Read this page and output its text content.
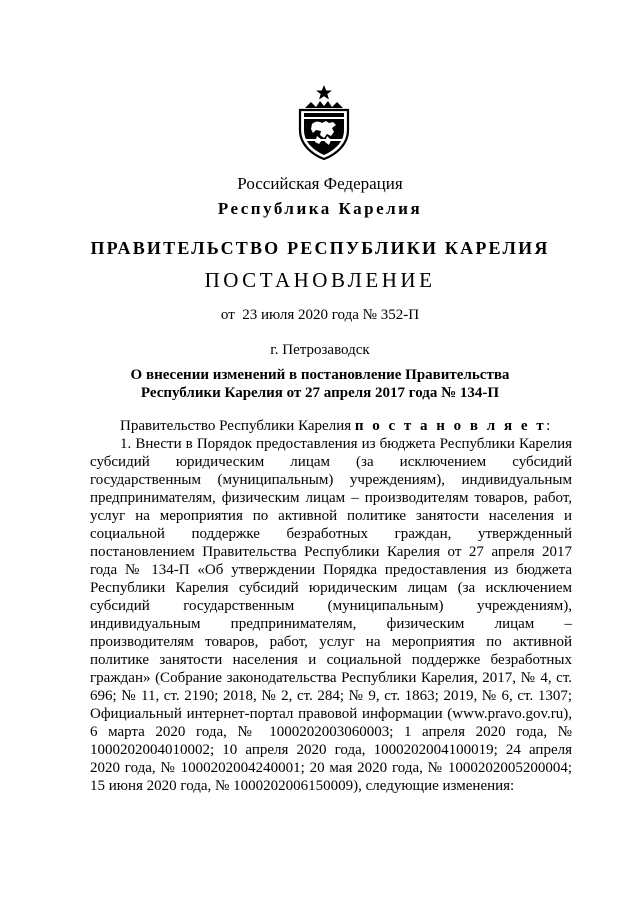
Российская Федерация
Республика Карелия
ПРАВИТЕЛЬСТВО РЕСПУБЛИКИ КАРЕЛИЯ
ПОСТАНОВЛЕНИЕ
от  23 июля 2020 года № 352-П
г. Петрозаводск
О внесении изменений в постановление Правительства
Республики Карелия от 27 апреля 2017 года № 134-П

Правительство Республики Карелия п о с т а н о в л я е т:

1. Внести в Порядок предоставления из бюджета Республики Карелия субсидий юридическим лицам (за исключением субсидий государственным (муниципальным) учреждениям), индивидуальным предпринимателям, физическим лицам – производителям товаров, работ, услуг на мероприятия по активной политике занятости населения и социальной поддержке безработных граждан, утвержденный постановлением Правительства Республики Карелия от 27 апреля 2017 года № 134-П «Об утверждении Порядка предоставления из бюджета Республики Карелия субсидий юридическим лицам (за исключением субсидий государственным (муниципальным) учреждениям), индивидуальным предпринимателям, физическим лицам – производителям товаров, работ, услуг на мероприятия по активной политике занятости населения и социальной поддержке безработных граждан» (Собрание законодательства Республики Карелия, 2017, № 4, ст. 696; № 11, ст. 2190; 2018, № 2, ст. 284; № 9, ст. 1863; 2019, № 6, ст. 1307; Официальный интернет-портал правовой информации (www.pravo.gov.ru), 6 марта 2020 года, № 1000202003060003; 1 апреля 2020 года, № 1000202004010002; 10 апреля 2020 года, 1000202004100019; 24 апреля 2020 года, № 1000202004240001; 20 мая 2020 года, № 1000202005200004; 15 июня 2020 года, № 1000202006150009), следующие изменения:
